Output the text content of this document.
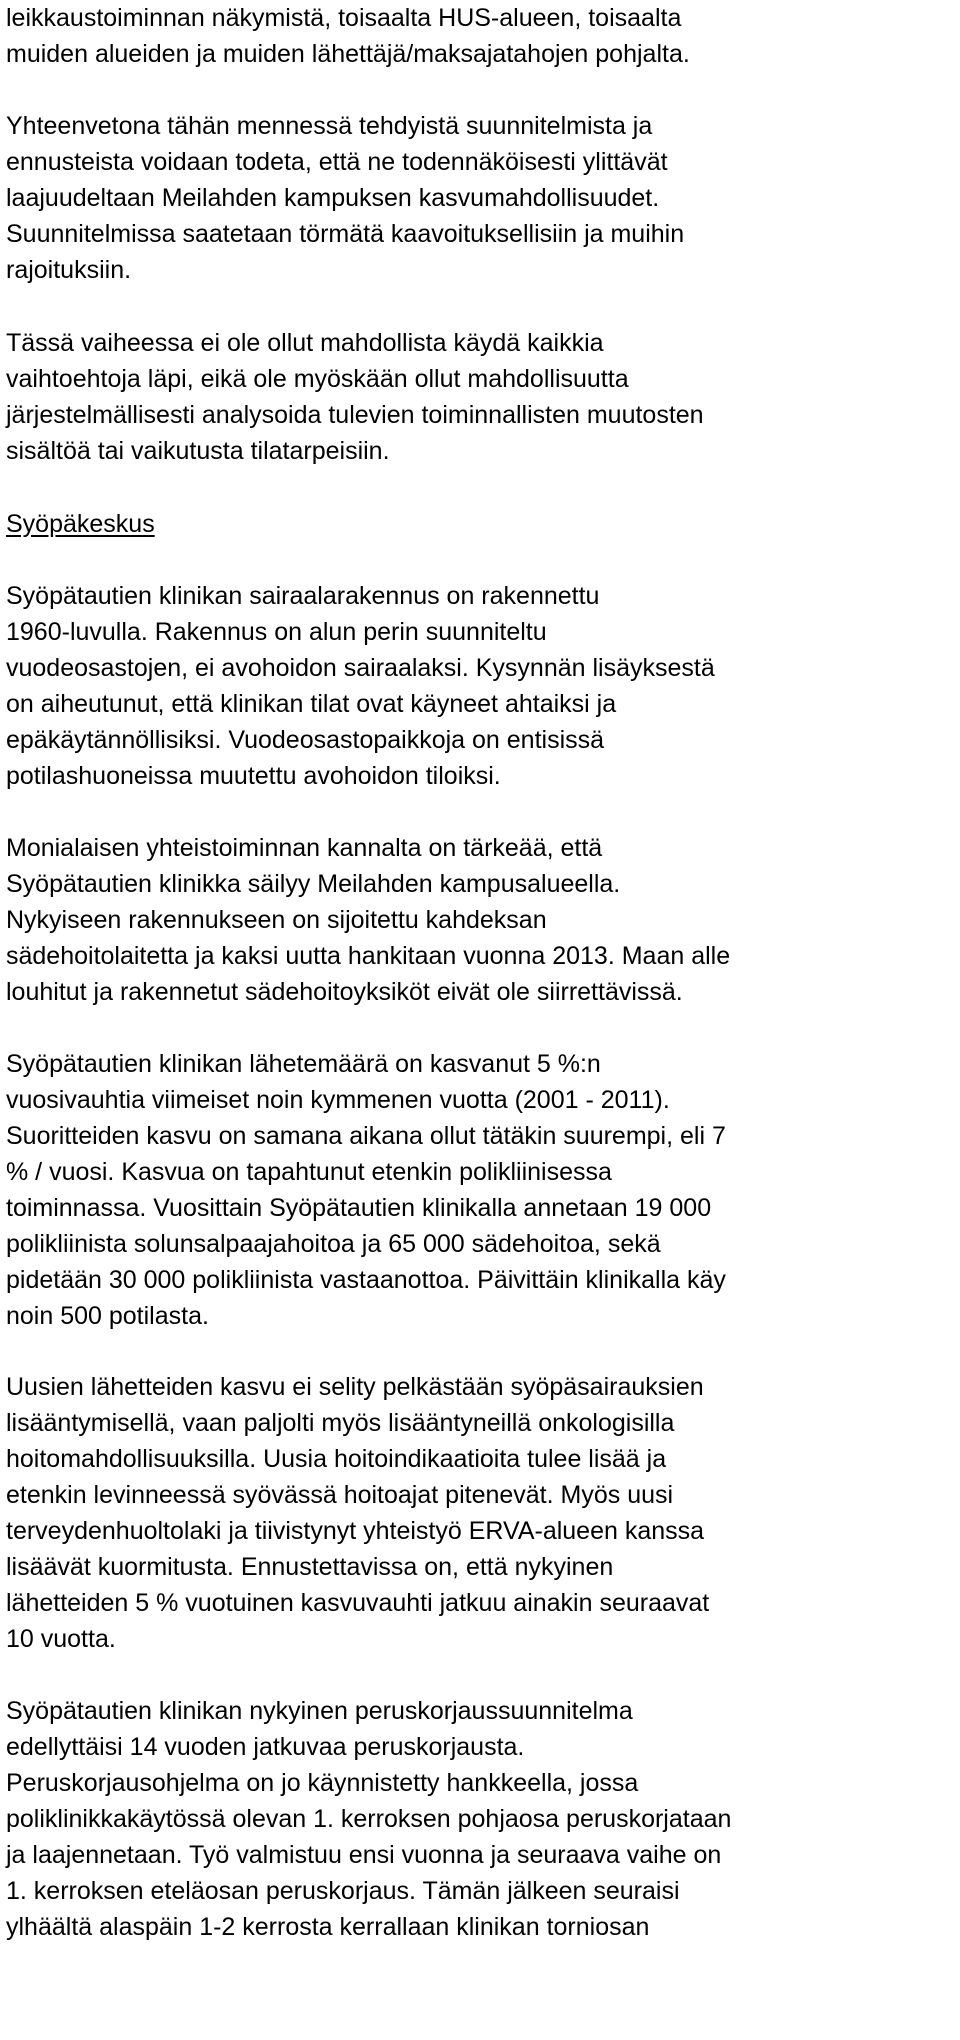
leikkaustoiminnan näkymistä, toisaalta HUS-alueen, toisaalta
muiden alueiden ja muiden lähettäjä/maksajatahojen pohjalta.

Yhteenvetona tähän mennessä tehdyistä suunnitelmista ja
ennusteista voidaan todeta, että ne todennäköisesti ylittävät
laajuudeltaan Meilahden kampuksen kasvumahdollisuudet.
Suunnitelmissa saatetaan törmätä kaavoituksellisiin ja muihin
rajoituksiin.

Tässä vaiheessa ei ole ollut mahdollista käydä kaikkia
vaihtoehtoja läpi, eikä ole myöskään ollut mahdollisuutta
järjestelmällisesti analysoida tulevien toiminnallisten muutosten
sisältöä tai vaikutusta tilatarpeisiin.

Syöpäkeskus

Syöpätautien klinikan sairaalarakennus on rakennettu
1960-luvulla. Rakennus on alun perin suunniteltu
vuodeosastojen, ei avohoidon sairaalaksi. Kysynnän lisäyksestä
on aiheutunut, että klinikan tilat ovat käyneet ahtaiksi ja
epäkäytännöllisiksi. Vuodeosastopaikkoja on entisissä
potilashuoneissa muutettu avohoidon tiloiksi.

Monialaisen yhteistoiminnan kannalta on tärkeää, että
Syöpätautien klinikka säilyy Meilahden kampusalueella.
Nykyiseen rakennukseen on sijoitettu kahdeksan
sädehoitolaitetta ja kaksi uutta hankitaan vuonna 2013. Maan alle
louhitut ja rakennetut sädehoitoyksiköt eivät ole siirrettävissä.

Syöpätautien klinikan lähetemäärä on kasvanut 5 %:n
vuosivauhtia viimeiset noin kymmenen vuotta (2001 - 2011).
Suoritteiden kasvu on samana aikana ollut tätäkin suurempi, eli 7
% / vuosi. Kasvua on tapahtunut etenkin polikliinisessa
toiminnassa. Vuosittain Syöpätautien klinikalla annetaan 19 000
polikliinista solunsalpaajahoitoa ja 65 000 sädehoitoa, sekä
pidetään 30 000 polikliinista vastaanottoa. Päivittäin klinikalla käy
noin 500 potilasta.

Uusien lähetteiden kasvu ei selity pelkästään syöpäsairauksien
lisääntymisellä, vaan paljolti myös lisääntyneillä onkologisilla
hoitomahdollisuuksilla. Uusia hoitoindikaatioita tulee lisää ja
etenkin levinneessä syövässä hoitoajat pitenevät. Myös uusi
terveydenhuoltolaki ja tiivistynyt yhteistyö ERVA-alueen kanssa
lisäävät kuormitusta. Ennustettavissa on, että nykyinen
lähetteiden 5 % vuotuinen kasvuvauhti jatkuu ainakin seuraavat
10 vuotta.

Syöpätautien klinikan nykyinen peruskorjaussuunnitelma
edellyttäisi 14 vuoden jatkuvaa peruskorjausta.
Peruskorjausohjelma on jo käynnistetty hankkeella, jossa
poliklinikkakäytössä olevan 1. kerroksen pohjaosa peruskorjataan
ja laajennetaan. Työ valmistuu ensi vuonna ja seuraava vaihe on
1. kerroksen eteläosan peruskorjaus. Tämän jälkeen seuraisi
ylhäältä alaspäin 1-2 kerrosta kerrallaan klinikan torniosan
